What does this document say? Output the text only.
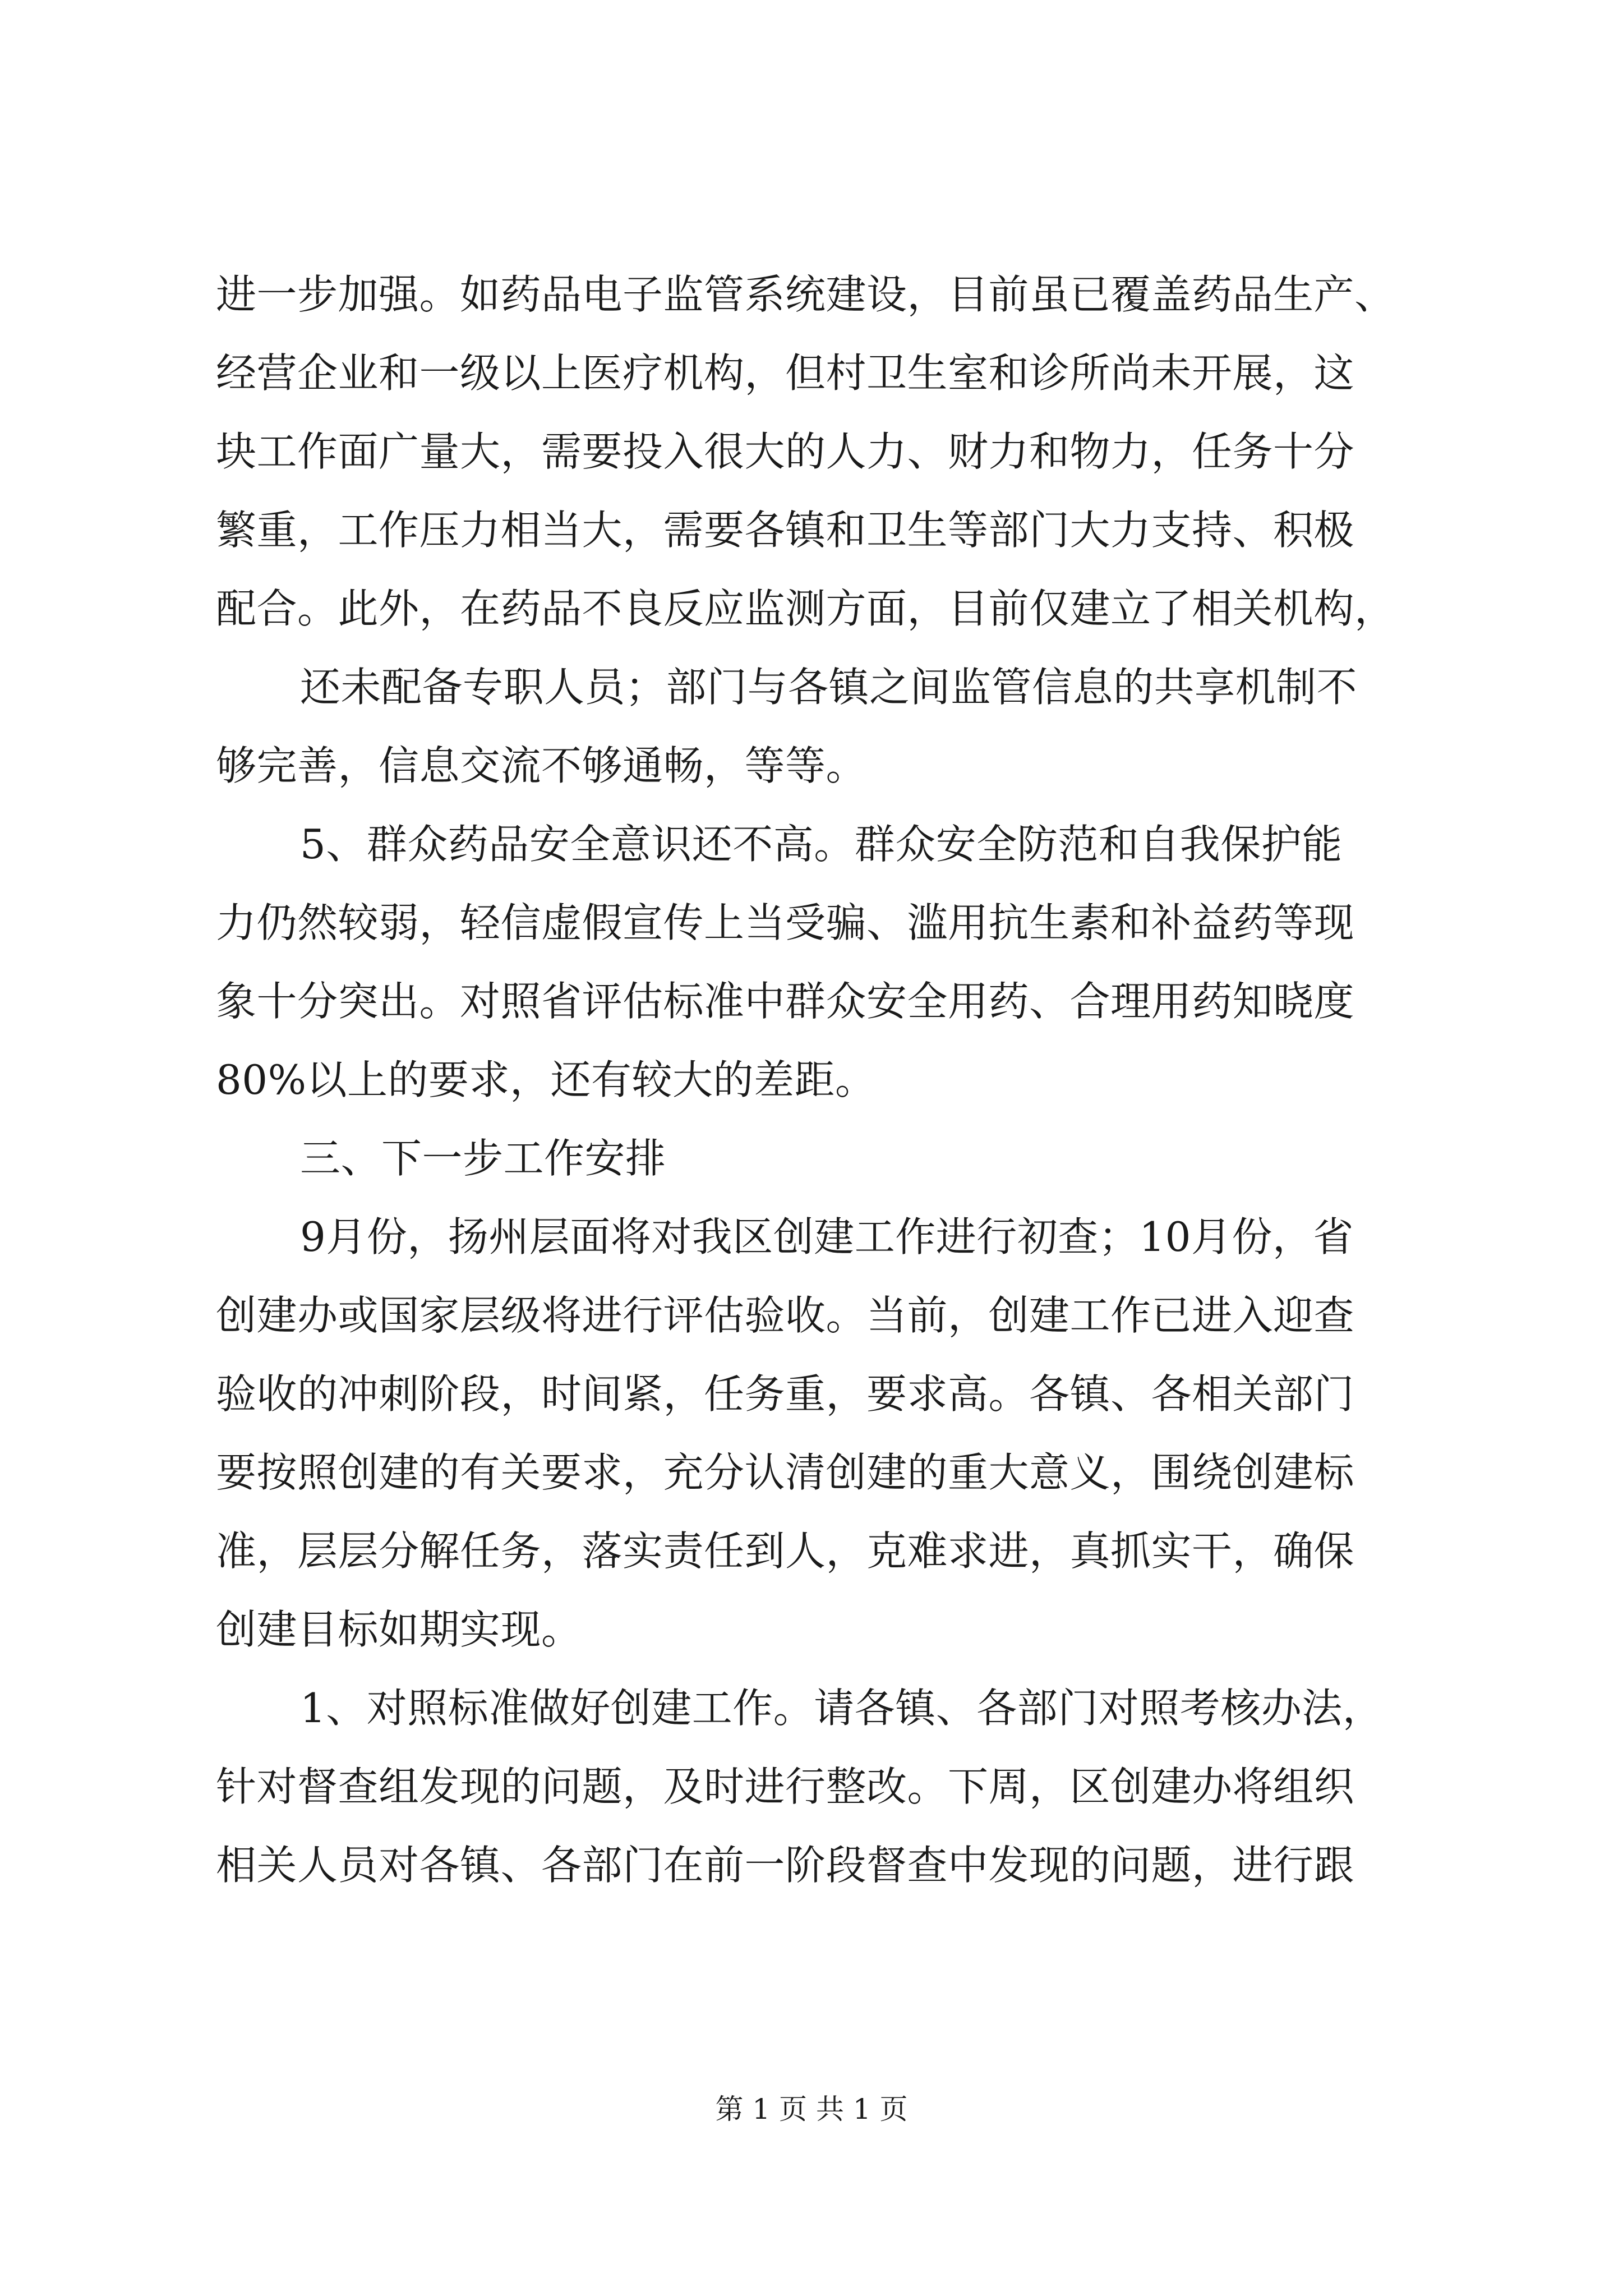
进一步加强。如药品电子监管系统建设，目前虽已覆盖药品生产、
经营企业和一级以上医疗机构，但村卫生室和诊所尚未开展，这
块工作面广量大，需要投入很大的人力、财力和物力，任务十分
繁重，工作压力相当大，需要各镇和卫生等部门大力支持、积极
配合。此外，在药品不良反应监测方面，目前仅建立了相关机构，
还未配备专职人员；部门与各镇之间监管信息的共享机制不
够完善，信息交流不够通畅，等等。
5、群众药品安全意识还不高。群众安全防范和自我保护能
力仍然较弱，轻信虚假宣传上当受骗、滥用抗生素和补益药等现
象十分突出。对照省评估标准中群众安全用药、合理用药知晓度
80%以上的要求，还有较大的差距。
三、下一步工作安排
9月份，扬州层面将对我区创建工作进行初查；10月份，省
创建办或国家层级将进行评估验收。当前，创建工作已进入迎查
验收的冲刺阶段，时间紧，任务重，要求高。各镇、各相关部门
要按照创建的有关要求，充分认清创建的重大意义，围绕创建标
准，层层分解任务，落实责任到人，克难求进，真抓实干，确保
创建目标如期实现。
1、对照标准做好创建工作。请各镇、各部门对照考核办法，
针对督查组发现的问题，及时进行整改。下周，区创建办将组织
相关人员对各镇、各部门在前一阶段督查中发现的问题，进行跟
第 1 页 共 1 页
